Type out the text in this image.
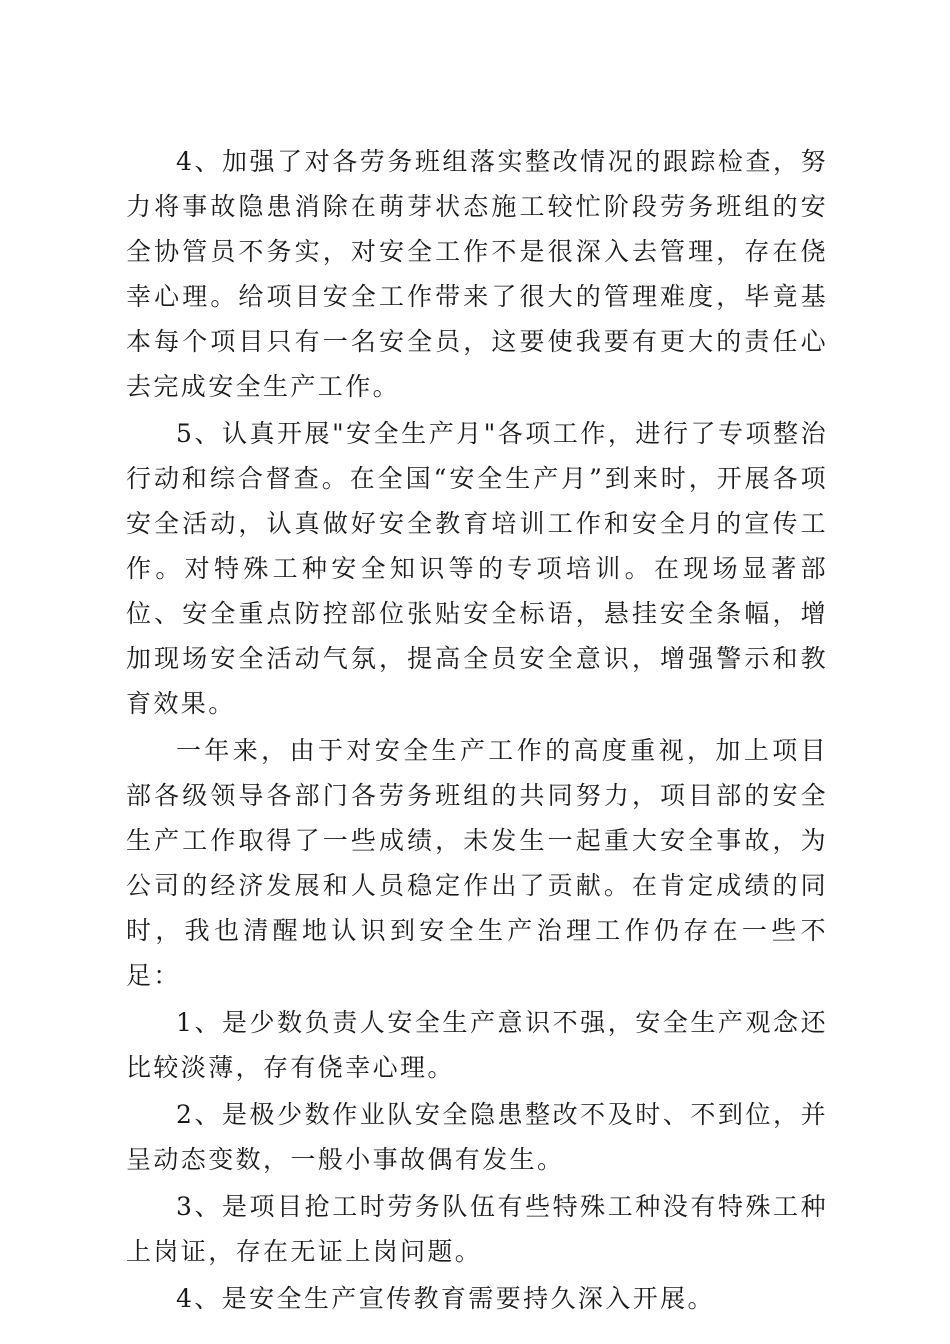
4、加强了对各劳务班组落实整改情况的跟踪检查，努力将事故隐患消除在萌芽状态施工较忙阶段劳务班组的安全协管员不务实，对安全工作不是很深入去管理，存在侥幸心理。给项目安全工作带来了很大的管理难度，毕竟基本每个项目只有一名安全员，这要使我要有更大的责任心去完成安全生产工作。

5、认真开展"安全生产月"各项工作，进行了专项整治行动和综合督查。在全国“安全生产月”到来时，开展各项安全活动，认真做好安全教育培训工作和安全月的宣传工作。对特殊工种安全知识等的专项培训。在现场显著部位、安全重点防控部位张贴安全标语，悬挂安全条幅，增加现场安全活动气氛，提高全员安全意识，增强警示和教育效果。

一年来，由于对安全生产工作的高度重视，加上项目部各级领导各部门各劳务班组的共同努力，项目部的安全生产工作取得了一些成绩，未发生一起重大安全事故，为公司的经济发展和人员稳定作出了贡献。在肯定成绩的同时，我也清醒地认识到安全生产治理工作仍存在一些不足：

1、是少数负责人安全生产意识不强，安全生产观念还比较淡薄，存有侥幸心理。

2、是极少数作业队安全隐患整改不及时、不到位，并呈动态变数，一般小事故偶有发生。

3、是项目抢工时劳务队伍有些特殊工种没有特殊工种上岗证，存在无证上岗问题。

4、是安全生产宣传教育需要持久深入开展。
